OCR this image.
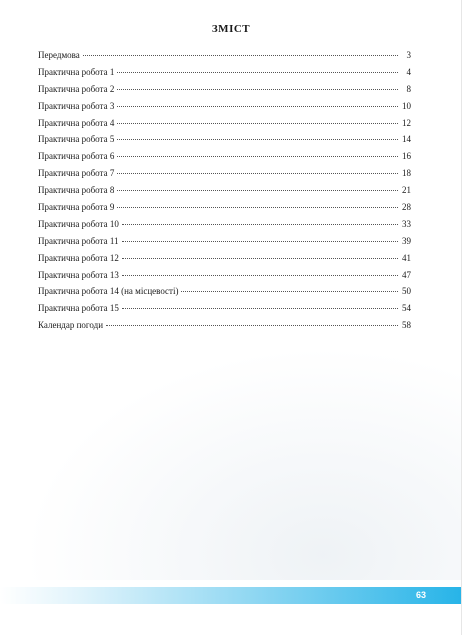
ЗМІСТ
Передмова	3
Практична робота 1	4
Практична робота 2	8
Практична робота 3	10
Практична робота 4	12
Практична робота 5	14
Практична робота 6	16
Практична робота 7	18
Практична робота 8	21
Практична робота 9	28
Практична робота 10	33
Практична робота 11	39
Практична робота 12	41
Практична робота 13	47
Практична робота 14 (на місцевості)	50
Практична робота 15	54
Календар погоди	58
63
